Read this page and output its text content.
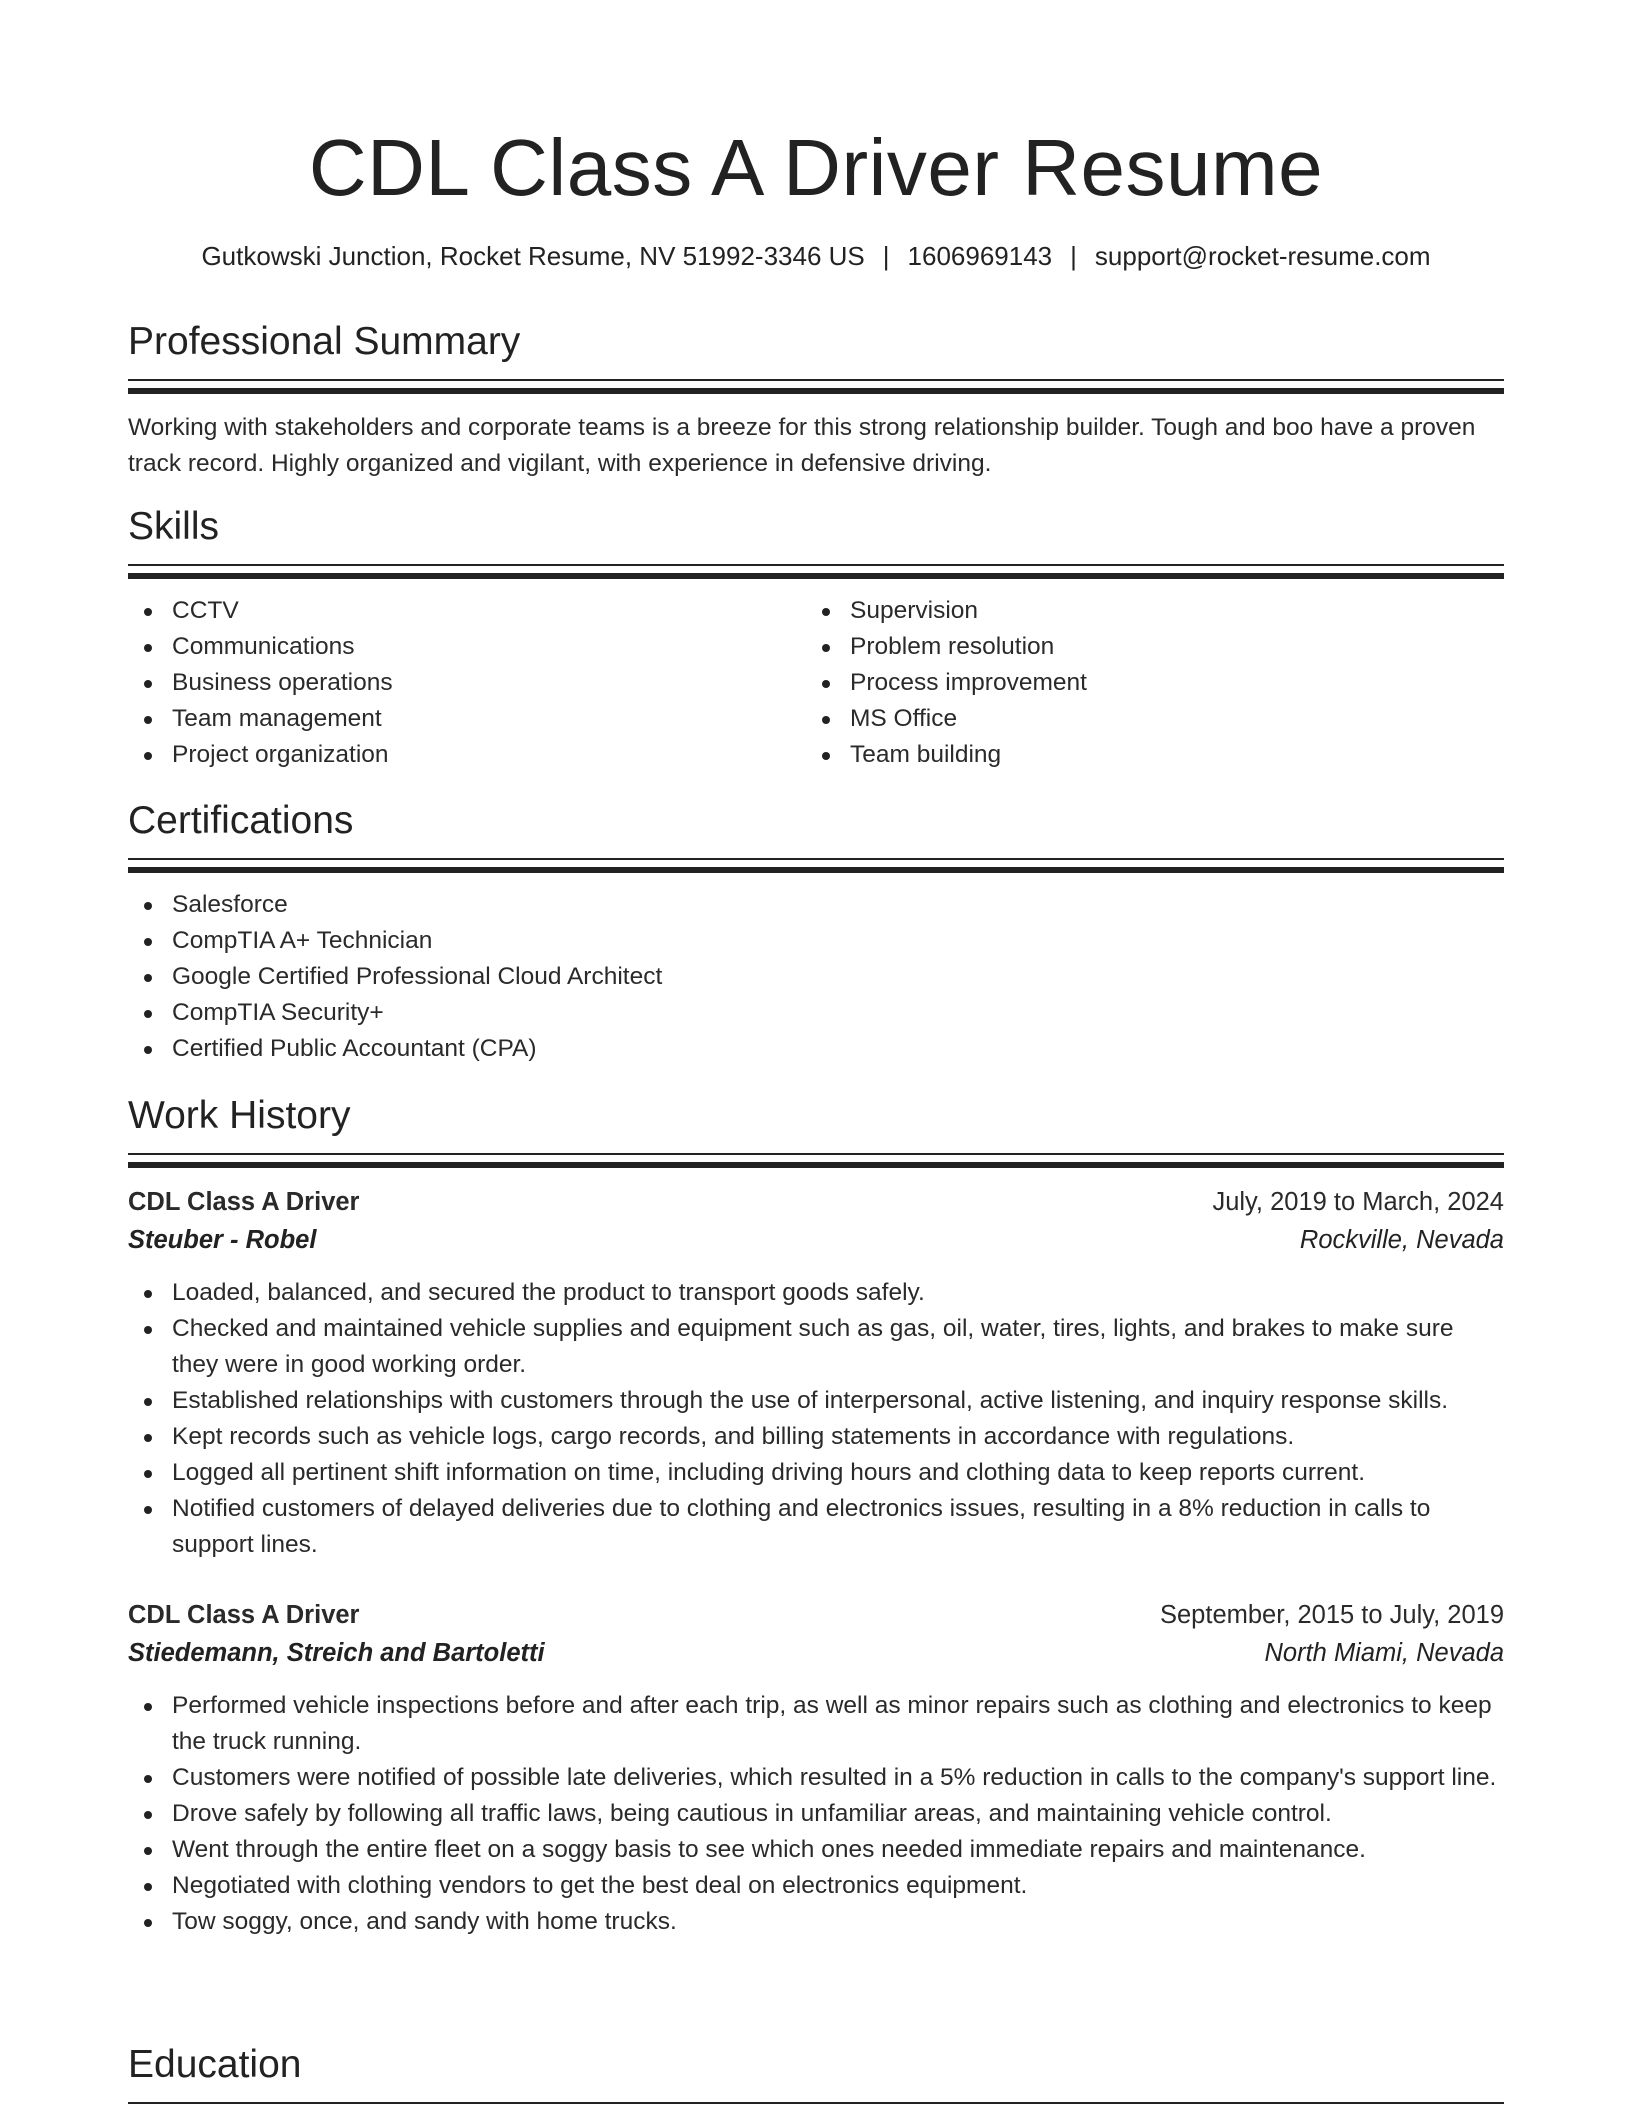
CDL Class A Driver Resume
Gutkowski Junction, Rocket Resume, NV 51992-3346 US | 1606969143 | support@rocket-resume.com
Professional Summary

Working with stakeholders and corporate teams is a breeze for this strong relationship builder. Tough and boo have a proven track record. Highly organized and vigilant, with experience in defensive driving.

Skills
CCTV
Communications
Business operations
Team management
Project organization
Supervision
Problem resolution
Process improvement
MS Office
Team building
Certifications
Salesforce
CompTIA A+ Technician
Google Certified Professional Cloud Architect
CompTIA Security+
Certified Public Accountant (CPA)
Work History
CDL Class A Driver	July, 2019 to March, 2024
Steuber - Robel	Rockville, Nevada
Loaded, balanced, and secured the product to transport goods safely.
Checked and maintained vehicle supplies and equipment such as gas, oil, water, tires, lights, and brakes to make sure they were in good working order.
Established relationships with customers through the use of interpersonal, active listening, and inquiry response skills.
Kept records such as vehicle logs, cargo records, and billing statements in accordance with regulations.
Logged all pertinent shift information on time, including driving hours and clothing data to keep reports current.
Notified customers of delayed deliveries due to clothing and electronics issues, resulting in a 8% reduction in calls to support lines.
CDL Class A Driver	September, 2015 to July, 2019
Stiedemann, Streich and Bartoletti	North Miami, Nevada
Performed vehicle inspections before and after each trip, as well as minor repairs such as clothing and electronics to keep the truck running.
Customers were notified of possible late deliveries, which resulted in a 5% reduction in calls to the company's support line.
Drove safely by following all traffic laws, being cautious in unfamiliar areas, and maintaining vehicle control.
Went through the entire fleet on a soggy basis to see which ones needed immediate repairs and maintenance.
Negotiated with clothing vendors to get the best deal on electronics equipment.
Tow soggy, once, and sandy with home trucks.
Education
